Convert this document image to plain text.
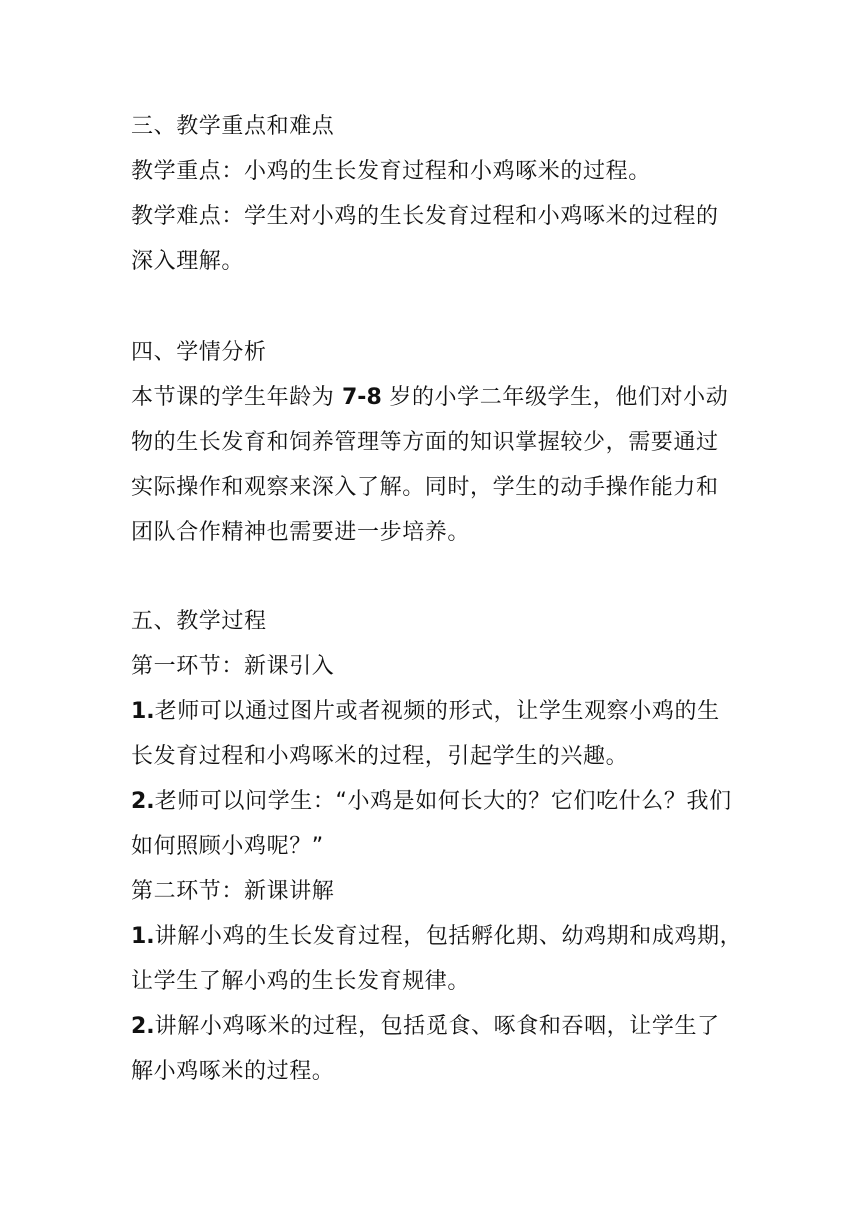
三、教学重点和难点
教学重点：小鸡的生长发育过程和小鸡啄米的过程。
教学难点：学生对小鸡的生长发育过程和小鸡啄米的过程的
深入理解。
四、学情分析
本节课的学生年龄为 7-8 岁的小学二年级学生，他们对小动
物的生长发育和饲养管理等方面的知识掌握较少，需要通过
实际操作和观察来深入了解。同时，学生的动手操作能力和
团队合作精神也需要进一步培养。
五、教学过程
第一环节：新课引入
1.老师可以通过图片或者视频的形式，让学生观察小鸡的生
长发育过程和小鸡啄米的过程，引起学生的兴趣。
2.老师可以问学生：“小鸡是如何长大的？它们吃什么？我们
如何照顾小鸡呢？”
第二环节：新课讲解
1.讲解小鸡的生长发育过程，包括孵化期、幼鸡期和成鸡期，
让学生了解小鸡的生长发育规律。
2.讲解小鸡啄米的过程，包括觅食、啄食和吞咽，让学生了
解小鸡啄米的过程。
